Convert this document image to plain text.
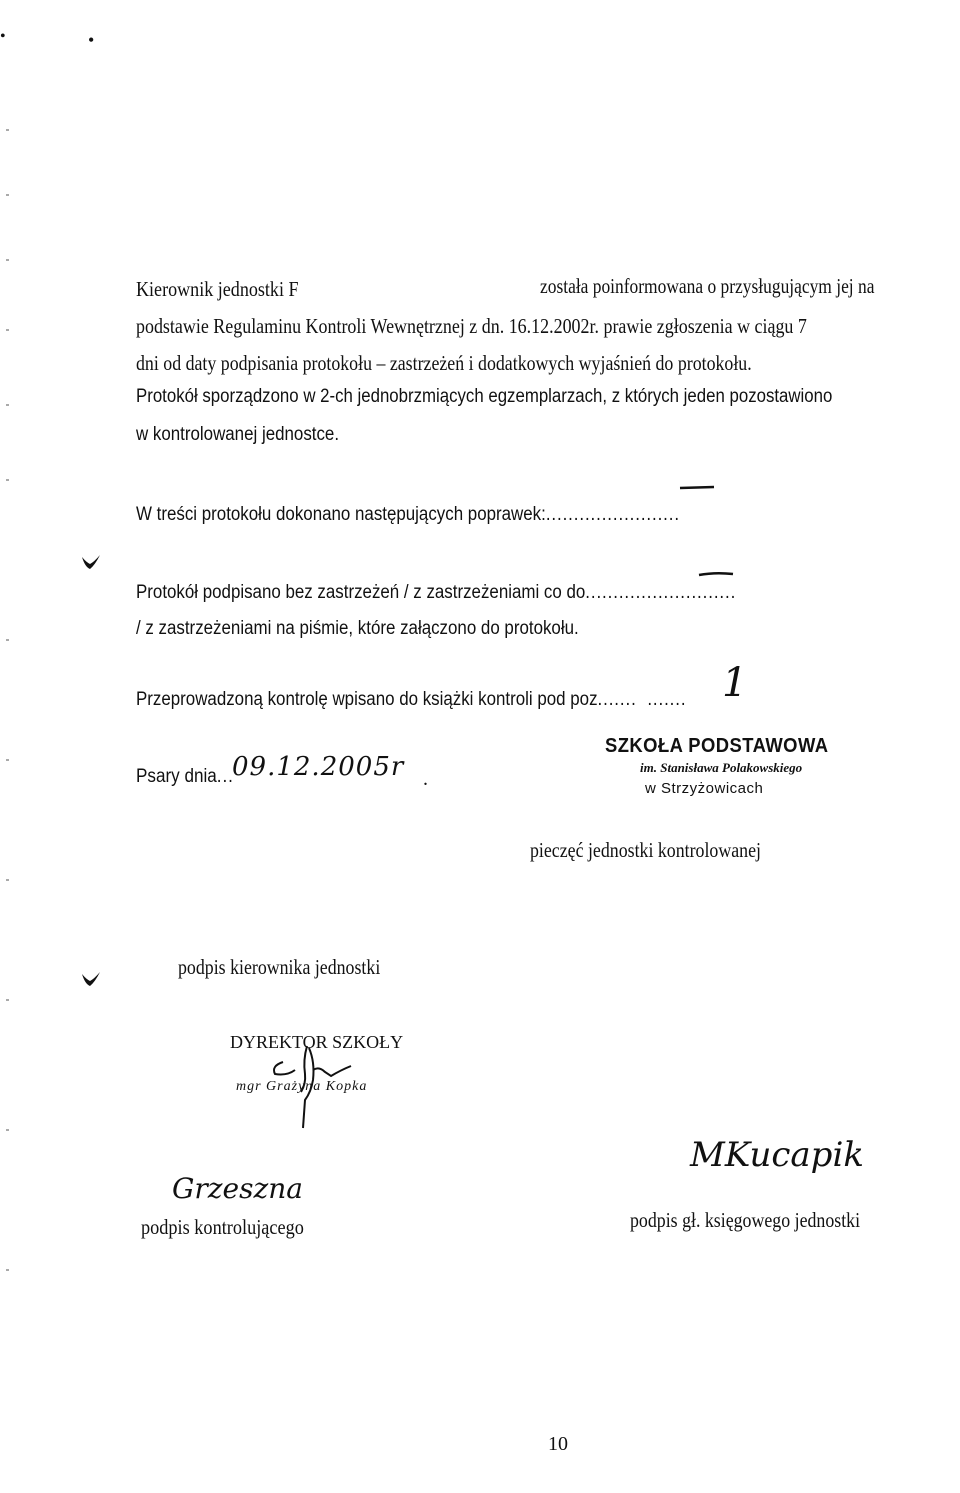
•	•
Kierownik jednostki F	została poinformowana o przysługującym jej na
podstawie Regulaminu Kontroli Wewnętrznej z dn. 16.12.2002r. prawie zgłoszenia w ciągu 7
dni od daty podpisania protokołu – zastrzeżeń i dodatkowych wyjaśnień do protokołu.
Protokół sporządzono w 2-ch jednobrzmiących egzemplarzach, z których jeden pozostawiono
w kontrolowanej jednostce.
W treści protokołu dokonano następujących poprawek:........................
Protokół podpisano bez zastrzeżeń / z zastrzeżeniami co do...........................
/ z zastrzeżeniami na piśmie, które załączono do protokołu.
Przeprowadzoną kontrolę wpisano do książki kontroli pod poz....... ....... 1
Psary dnia...
09.12.2005r .
SZKOŁA PODSTAWOWA
im. Stanisława Polakowskiego
w Strzyżowicach
pieczęć jednostki kontrolowanej
podpis kierownika jednostki
DYREKTOR SZKOŁY
mgr Grażyna Kopka
Grzeszna
podpis kontrolującego
MKucapik
podpis gł. księgowego jednostki
10
